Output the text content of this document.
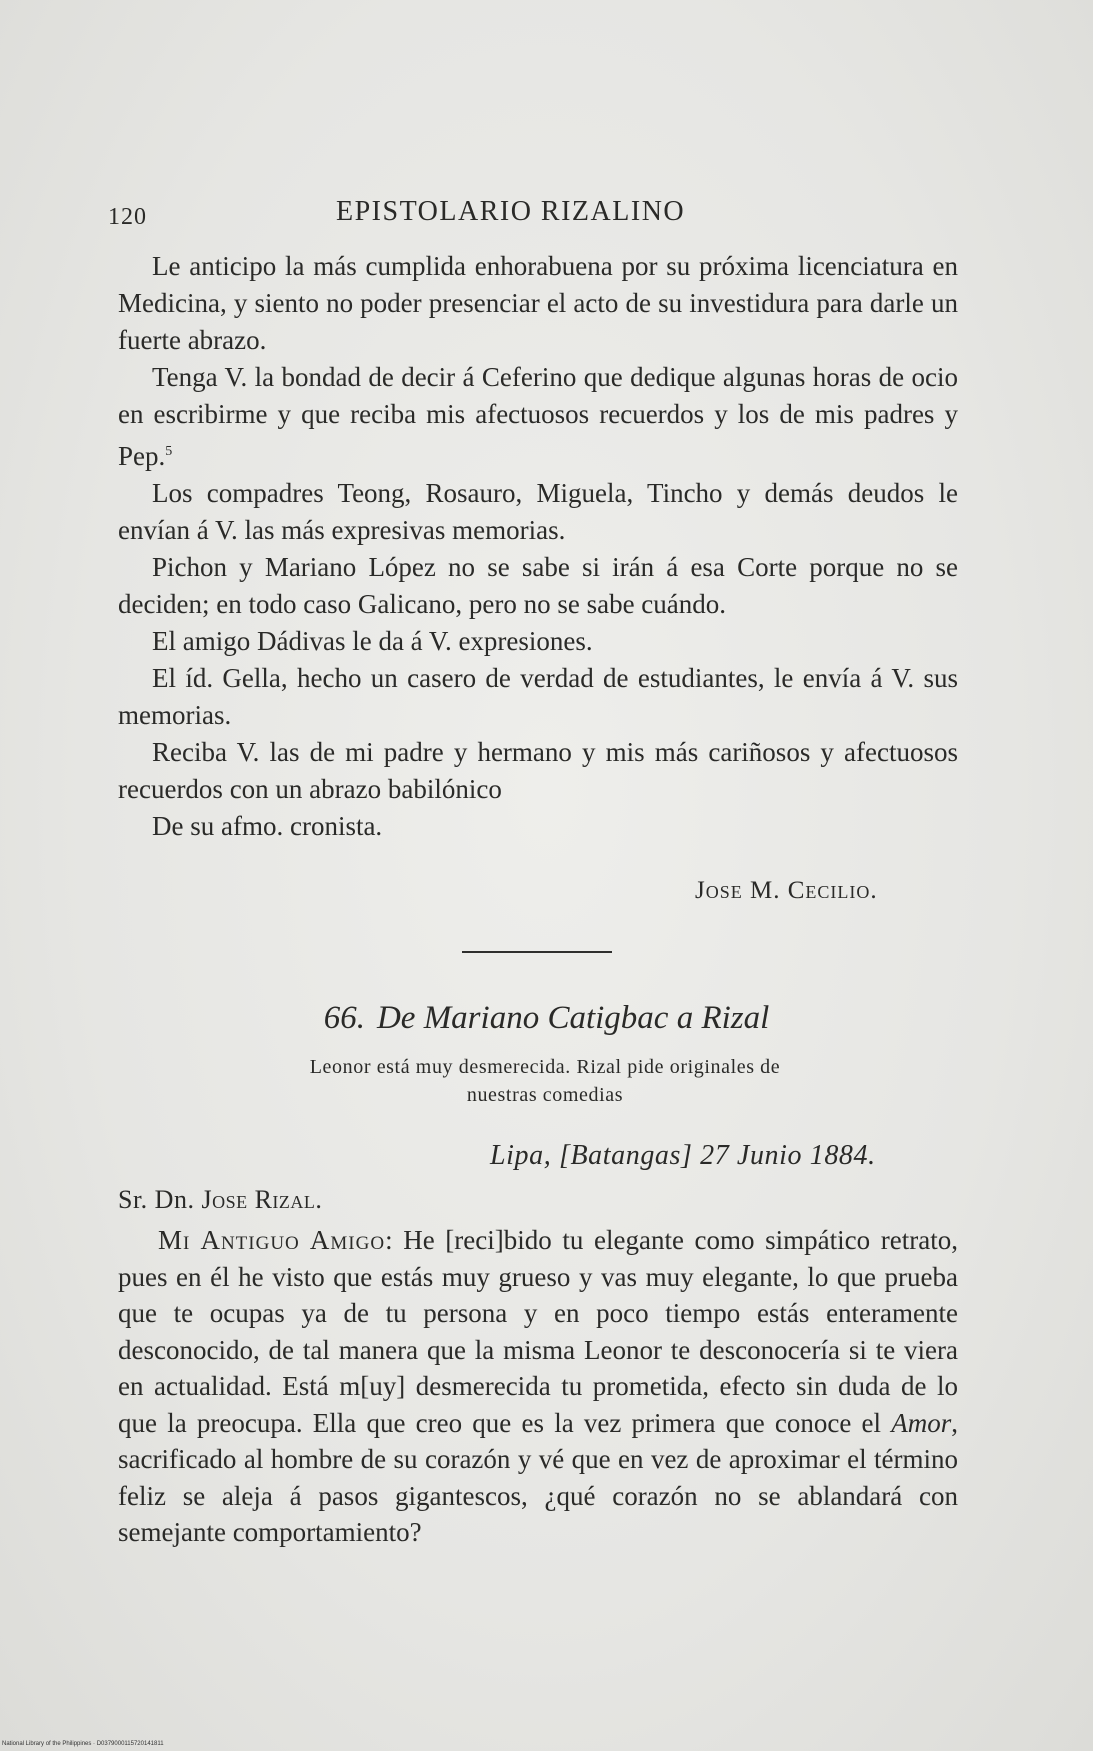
120	EPISTOLARIO RIZALINO

Le anticipo la más cumplida enhorabuena por su próxima licenciatura en Medicina, y siento no poder presenciar el acto de su investidura para darle un fuerte abrazo.

Tenga V. la bondad de decir á Ceferino que dedique algunas horas de ocio en escribirme y que reciba mis afectuosos recuerdos y los de mis padres y Pep.$^5$

Los compadres Teong, Rosauro, Miguela, Tincho y demás deudos le envían á V. las más expresivas memorias.

Pichon y Mariano López no se sabe si irán á esa Corte porque no se deciden; en todo caso Galicano, pero no se sabe cuándo.

El amigo Dádivas le da á V. expresiones.

El íd. Gella, hecho un casero de verdad de estudiantes, le envía á V. sus memorias.

Reciba V. las de mi padre y hermano y mis más cariñosos y afectuosos recuerdos con un abrazo babilónico

De su afmo. cronista.

Jose M. Cecilio.
66. De Mariano Catigbac a Rizal
Leonor está muy desmerecida. Rizal pide originales de
nuestras comedias
Lipa, [Batangas] 27 Junio 1884.
Sr. Dn. Jose Rizal.

Mi Antiguo Amigo: He [reci]bido tu elegante como simpático retrato, pues en él he visto que estás muy grueso y vas muy elegante, lo que prueba que te ocupas ya de tu persona y en poco tiempo estás enteramente desconocido, de tal manera que la misma Leonor te desconocería si te viera en actualidad. Está m[uy] desmerecida tu prometida, efecto sin duda de lo que la preocupa. Ella que creo que es la vez primera que conoce el Amor, sacrificado al hombre de su corazón y vé que en vez de aproximar el término feliz se aleja á pasos gigantescos, ¿qué corazón no se ablandará con semejante comportamiento?

National Library of the Philippines · D0379000115720141811
